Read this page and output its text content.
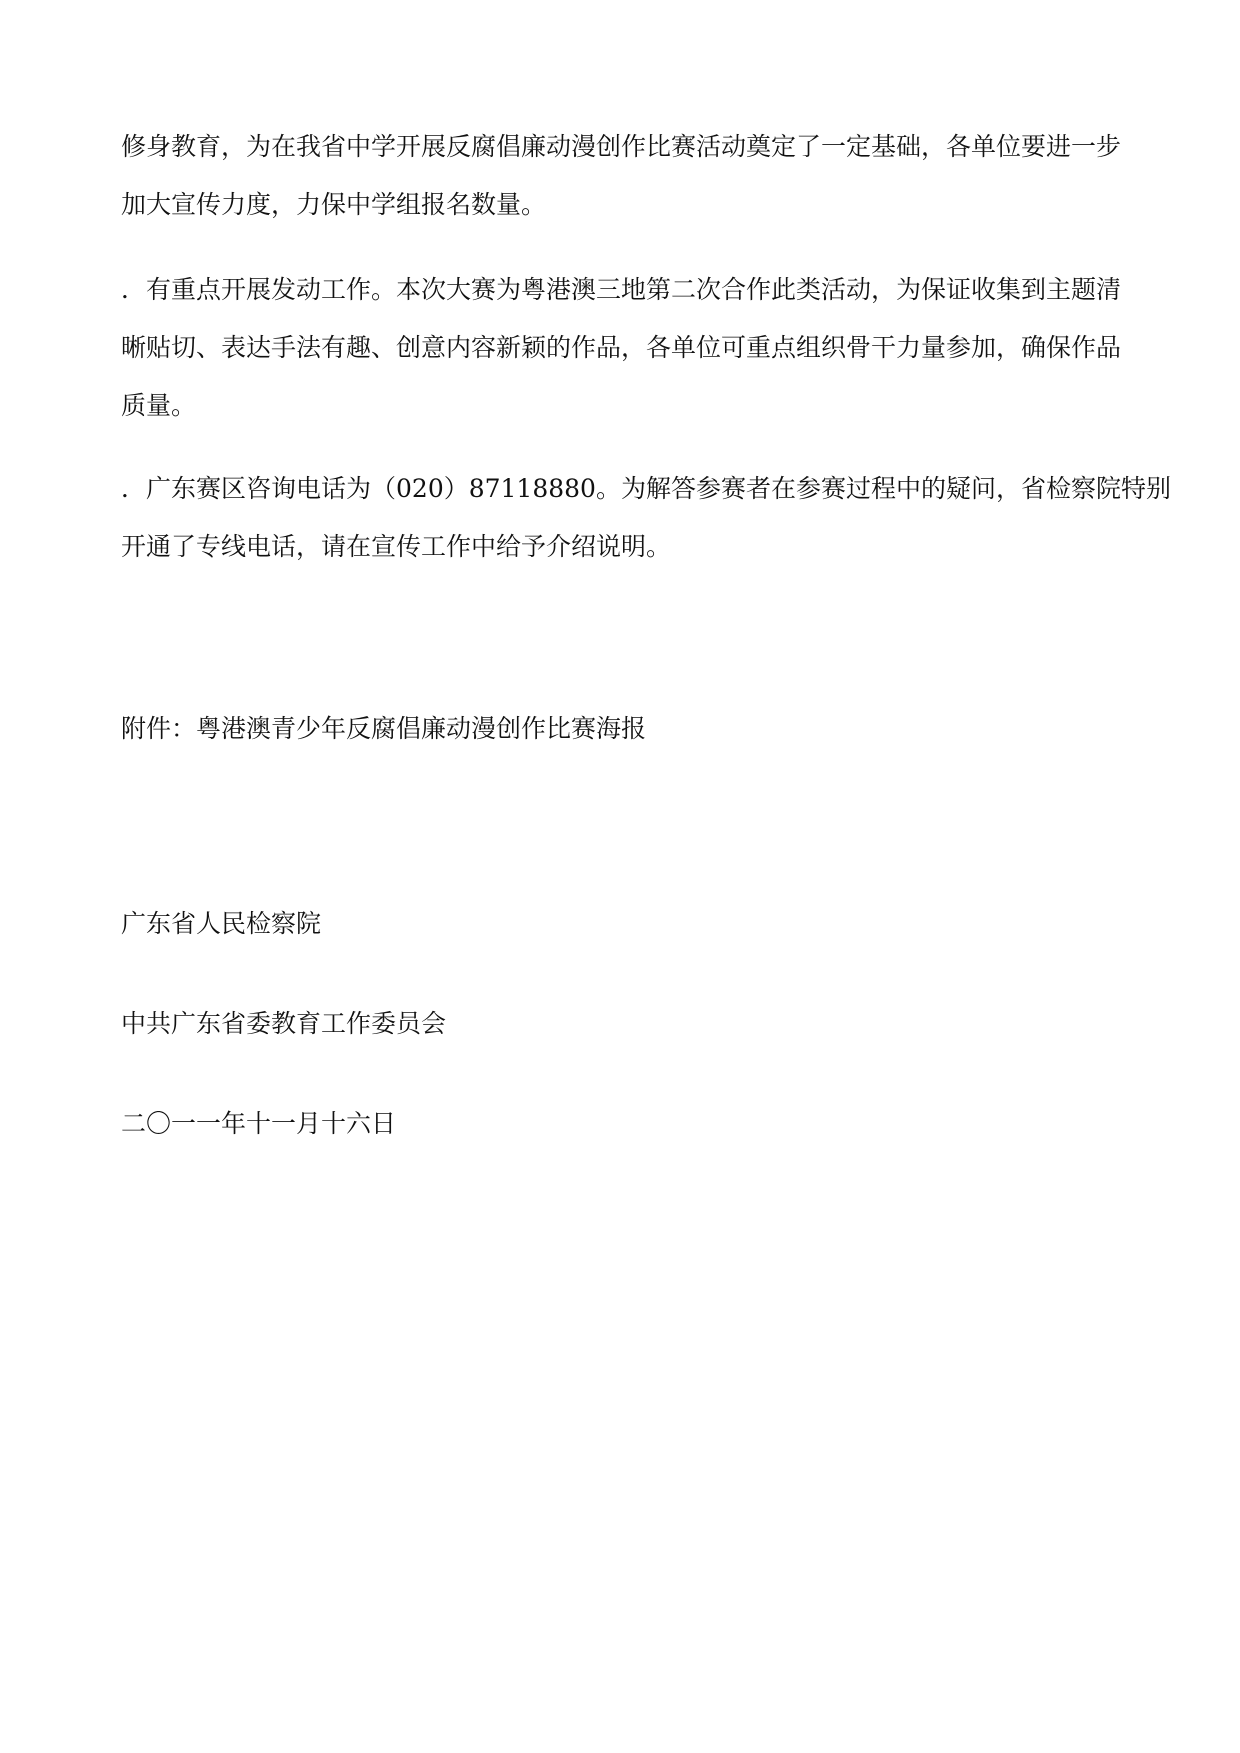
修身教育，为在我省中学开展反腐倡廉动漫创作比赛活动奠定了一定基础，各单位要进一步
加大宣传力度，力保中学组报名数量。

．有重点开展发动工作。本次大赛为粤港澳三地第二次合作此类活动，为保证收集到主题清
晰贴切、表达手法有趣、创意内容新颖的作品，各单位可重点组织骨干力量参加，确保作品
质量。

．广东赛区咨询电话为（020）87118880。为解答参赛者在参赛过程中的疑问，省检察院特别
开通了专线电话，请在宣传工作中给予介绍说明。

附件：粤港澳青少年反腐倡廉动漫创作比赛海报

广东省人民检察院

中共广东省委教育工作委员会

二〇一一年十一月十六日
